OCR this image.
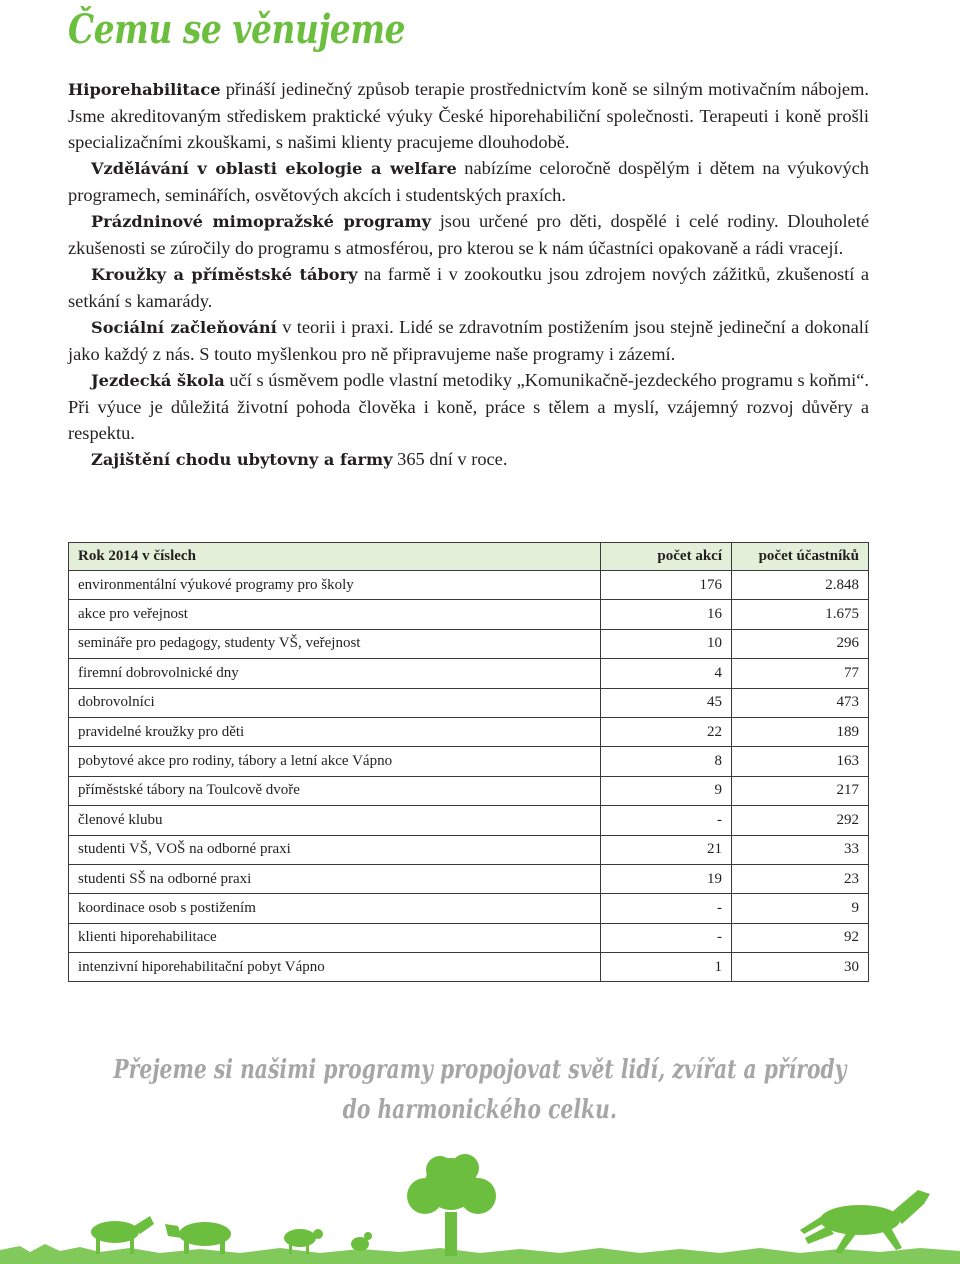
Čemu se věnujeme

Hiporehabilitace přináší jedinečný způsob terapie prostřednictvím koně se silným motivačním nábojem. Jsme akreditovaným střediskem praktické výuky České hiporehabiliční společnosti. Terapeuti i koně prošli specializačními zkouškami, s našimi klienty pracujeme dlouhodobě.

Vzdělávání v oblasti ekologie a welfare nabízíme celoročně dospělým i dětem na výukových programech, seminářích, osvětových akcích i studentských praxích.

Prázdninové mimopražské programy jsou určené pro děti, dospělé i celé rodiny. Dlouholeté zkušenosti se zúročily do programu s atmosférou, pro kterou se k nám účastníci opakovaně a rádi vracejí.

Kroužky a příměstské tábory na farmě i v zookoutku jsou zdrojem nových zážitků, zkušeností a setkání s kamarády.

Sociální začleňování v teorii i praxi. Lidé se zdravotním postižením jsou stejně jedineční a dokonalí jako každý z nás. S touto myšlenkou pro ně připravujeme naše programy i zázemí.

Jezdecká škola učí s úsměvem podle vlastní metodiky „Komunikačně-jezdeckého programu s koňmi“. Při výuce je důležitá životní pohoda člověka i koně, práce s tělem a myslí, vzájemný rozvoj důvěry a respektu.

Zajištění chodu ubytovny a farmy 365 dní v roce.

Rok 2014 v číslech	počet akcí	počet účastníků
environmentální výukové programy pro školy	176	2.848
akce pro veřejnost	16	1.675
semináře pro pedagogy, studenty VŠ, veřejnost	10	296
firemní dobrovolnické dny	4	77
dobrovolníci	45	473
pravidelné kroužky pro děti	22	189
pobytové akce pro rodiny, tábory a letní akce Vápno	8	163
příměstské tábory na Toulcově dvoře	9	217
členové klubu	-	292
studenti VŠ, VOŠ na odborné praxi	21	33
studenti SŠ na odborné praxi	19	23
koordinace osob s postižením	-	9
klienti hiporehabilitace	-	92
intenzivní hiporehabilitační pobyt Vápno	1	30
Přejeme si našimi programy propojovat svět lidí, zvířat a přírody
do harmonického celku.
